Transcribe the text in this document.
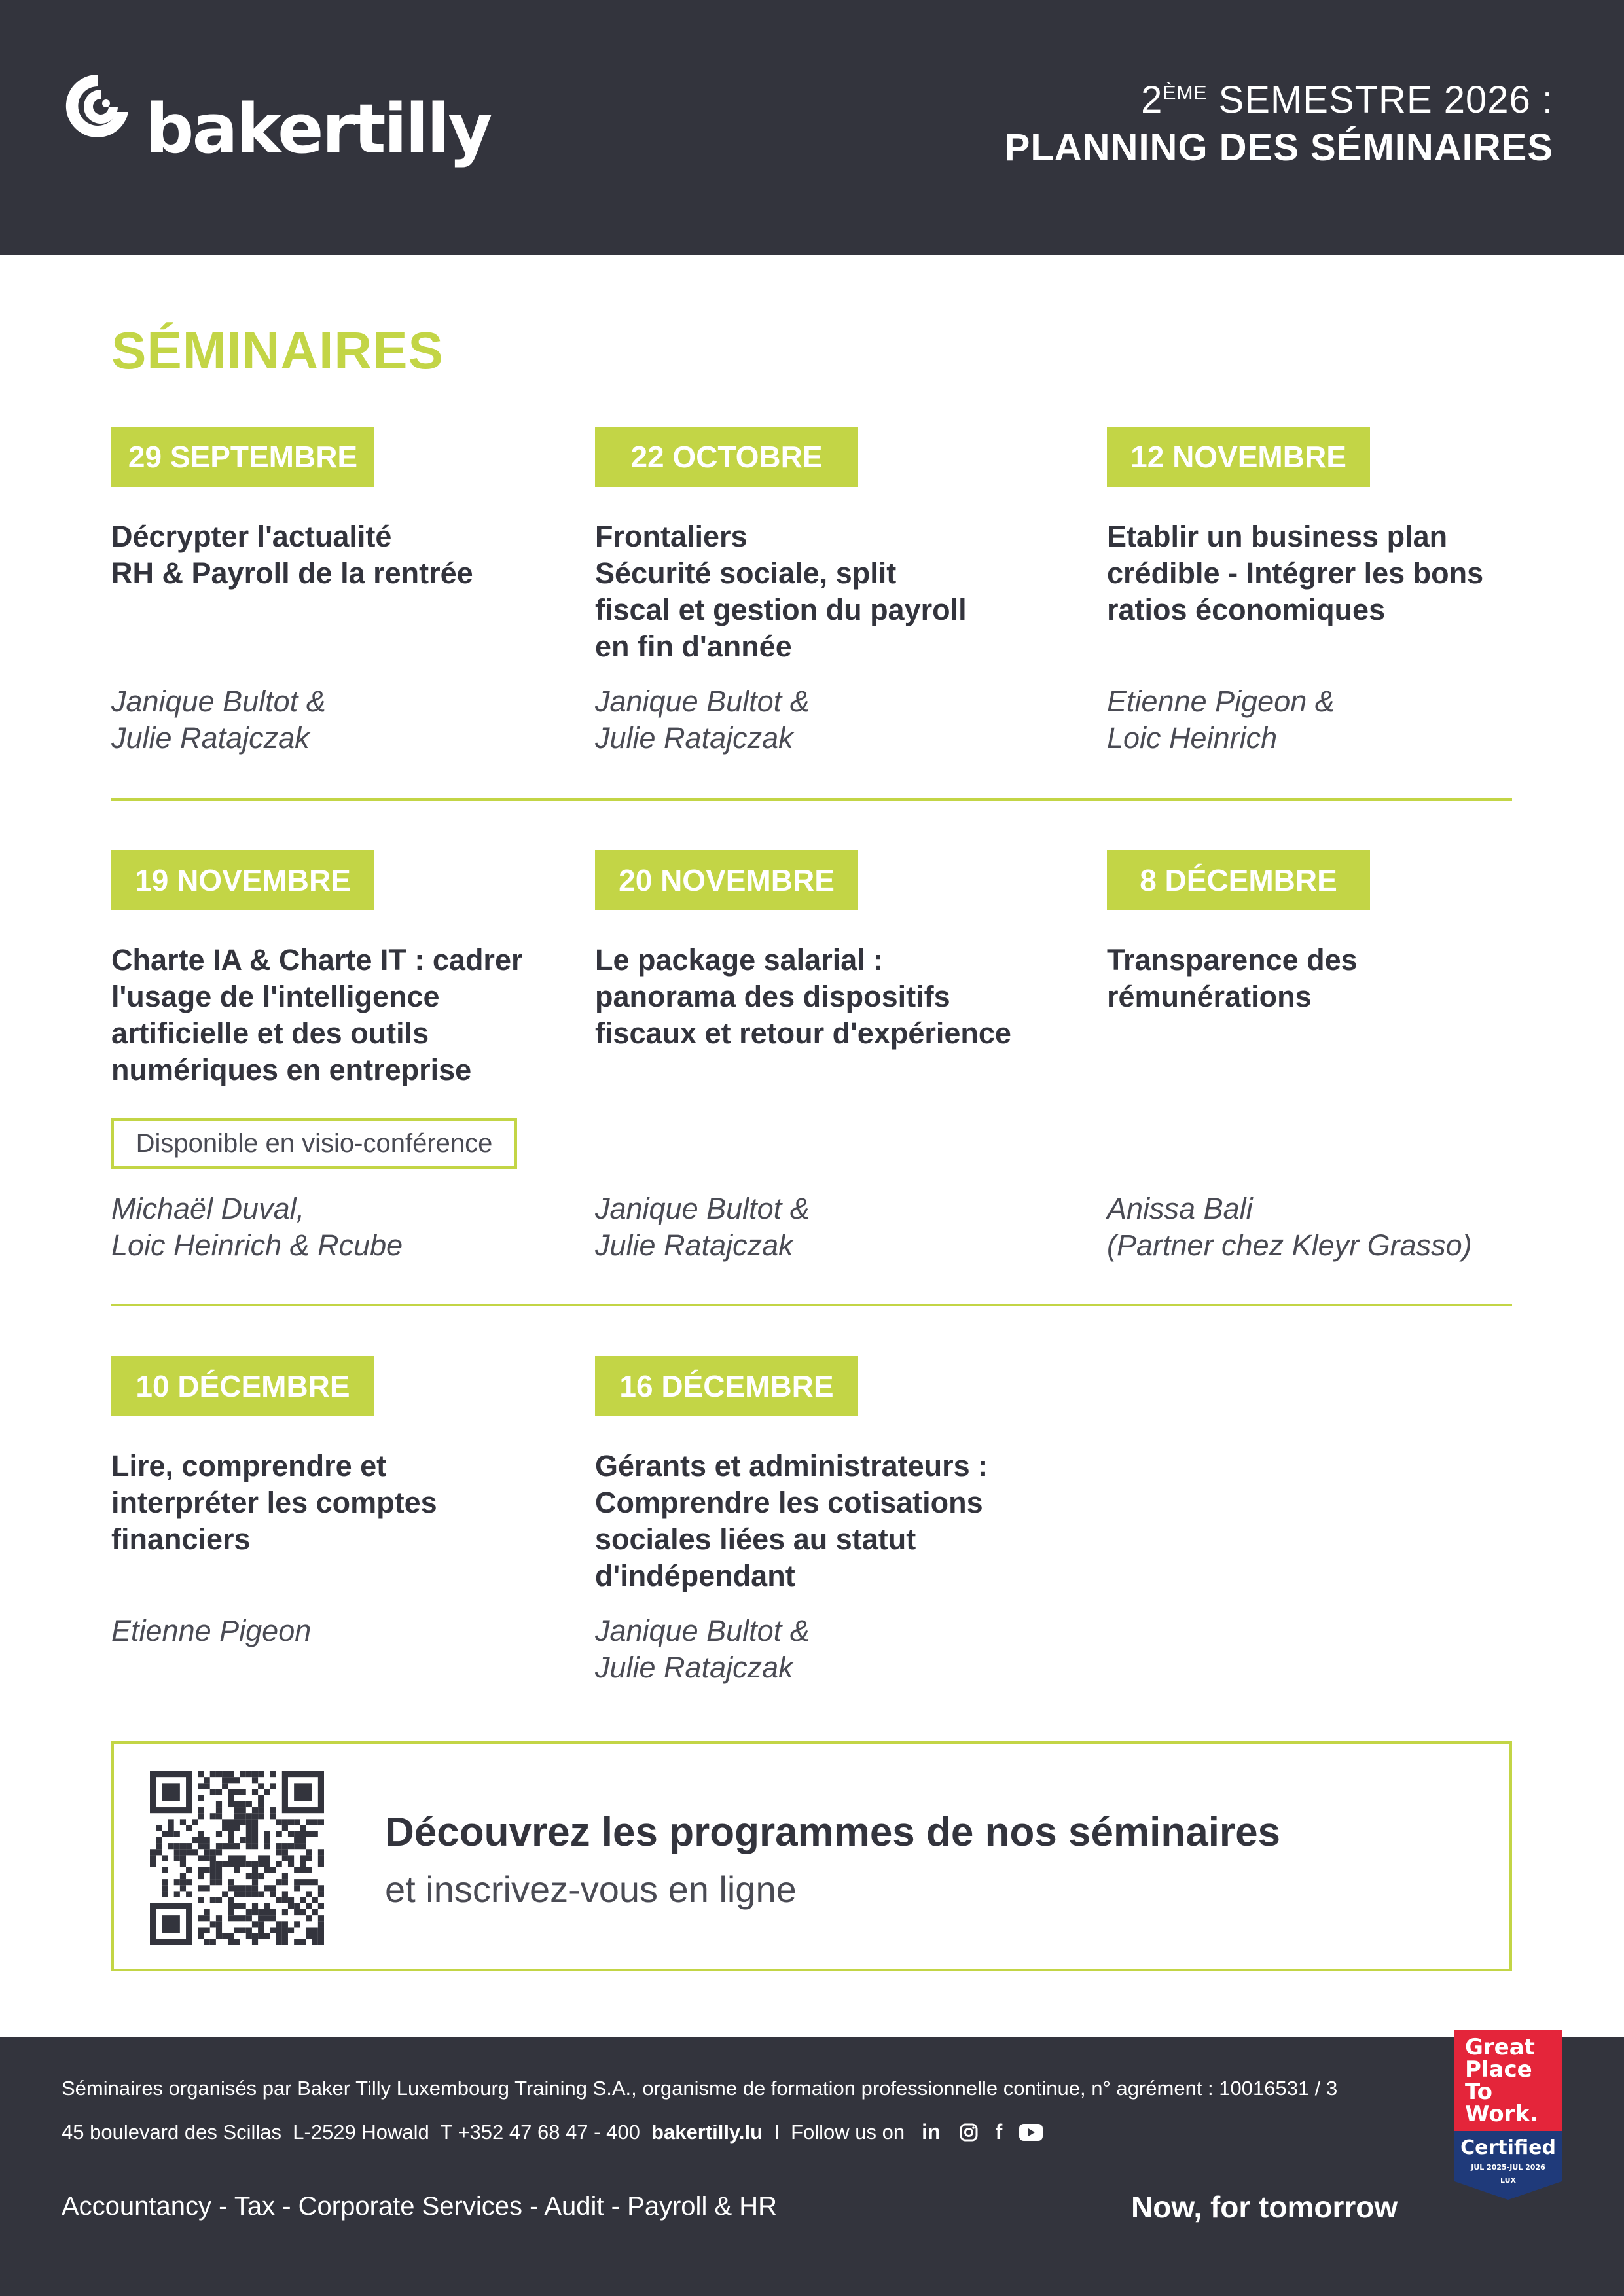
bakertilly	2ÈME SEMESTRE 2026 :
PLANNING DES SÉMINAIRES
SÉMINAIRES
29 SEPTEMBRE
Décrypter l'actualité
RH & Payroll de la rentrée
Janique Bultot &
Julie Ratajczak
22 OCTOBRE
Frontaliers
Sécurité sociale, split
fiscal et gestion du payroll
en fin d'année
Janique Bultot &
Julie Ratajczak
12 NOVEMBRE
Etablir un business plan
crédible - Intégrer les bons
ratios économiques
Etienne Pigeon &
Loic Heinrich
19 NOVEMBRE
Charte IA & Charte IT : cadrer
l'usage de l'intelligence
artificielle et des outils
numériques en entreprise
Disponible en visio-conférence
Michaël Duval,
Loic Heinrich & Rcube
20 NOVEMBRE
Le package salarial :
panorama des dispositifs
fiscaux et retour d'expérience
Janique Bultot &
Julie Ratajczak
8 DÉCEMBRE
Transparence des
rémunérations
Anissa Bali
(Partner chez Kleyr Grasso)
10 DÉCEMBRE
Lire, comprendre et
interpréter les comptes
financiers
Etienne Pigeon
16 DÉCEMBRE
Gérants et administrateurs :
Comprendre les cotisations
sociales liées au statut
d'indépendant
Janique Bultot &
Julie Ratajczak
Découvrez les programmes de nos séminaires
et inscrivez-vous en ligne
Séminaires organisés par Baker Tilly Luxembourg Training S.A., organisme de formation professionnelle continue, n° agrément : 10016531 / 3
45 boulevard des Scillas  L-2529 Howald  T +352 47 68 47 - 400 bakertilly.lu I  Follow us on in	f
Accountancy - Tax - Corporate Services - Audit - Payroll & HR	Now, for tomorrow
Great
Place
To
Work.
Certified
JUL 2025-JUL 2026
LUX
